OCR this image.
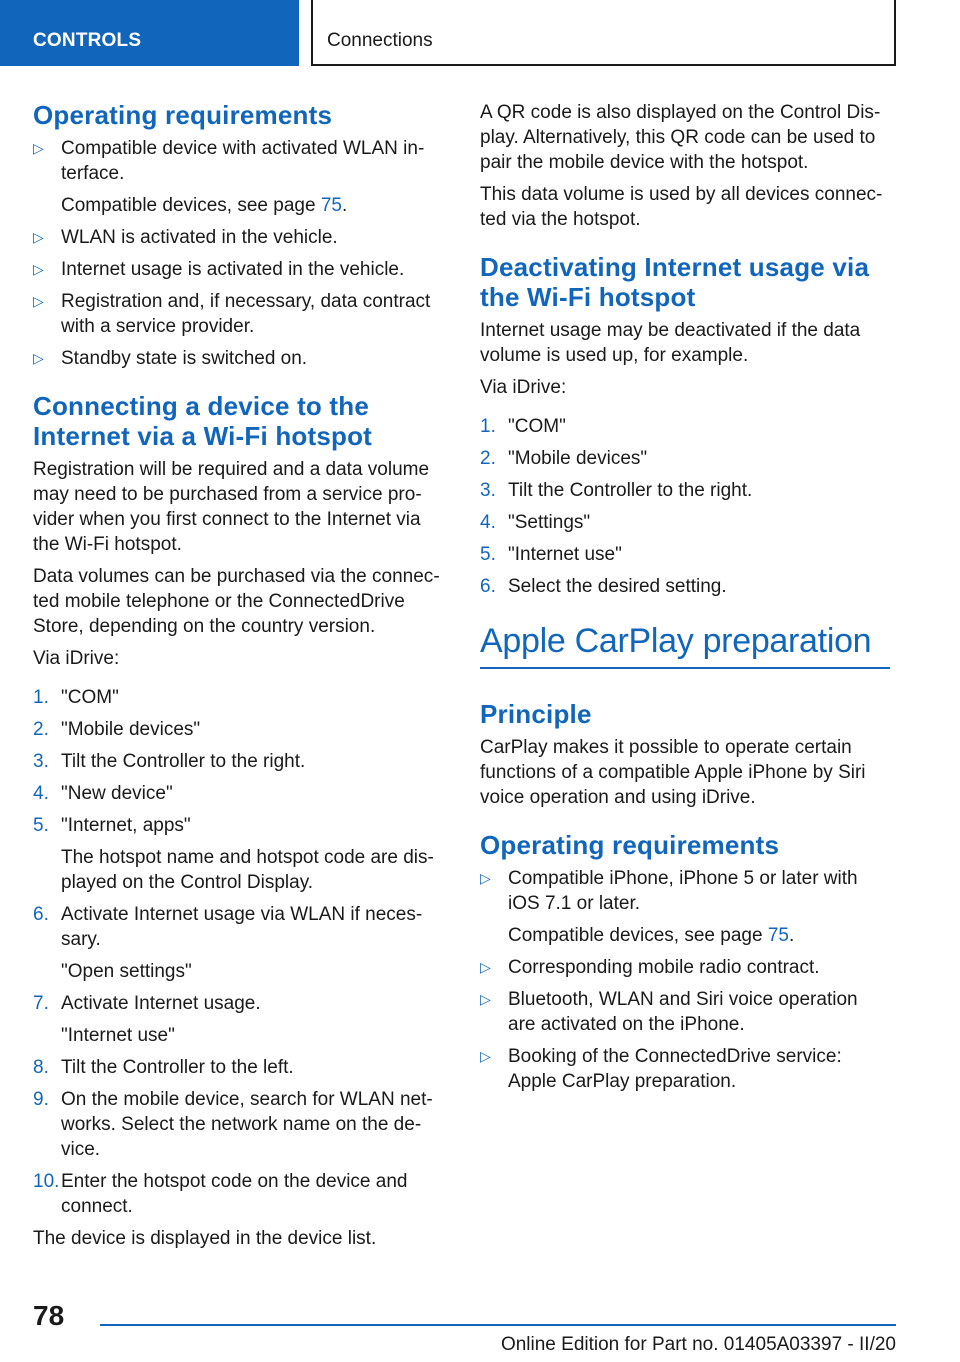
CONTROLS	Connections
Operating requirements
▷ Compatible device with activated WLAN interface.
Compatible devices, see page 75.
▷ WLAN is activated in the vehicle.
▷ Internet usage is activated in the vehicle.
▷ Registration and, if necessary, data contract with a service provider.
▷ Standby state is switched on.
Connecting a device to the Internet via a Wi-Fi hotspot

Registration will be required and a data volume may need to be purchased from a service provider when you first connect to the Internet via the Wi-Fi hotspot.

Data volumes can be purchased via the connected mobile telephone or the ConnectedDrive Store, depending on the country version.

Via iDrive:

1. "COM"
2. "Mobile devices"
3. Tilt the Controller to the right.
4. "New device"
5. "Internet, apps"
The hotspot name and hotspot code are displayed on the Control Display.
6. Activate Internet usage via WLAN if necessary.
"Open settings"
7. Activate Internet usage.
"Internet use"
8. Tilt the Controller to the left.
9. On the mobile device, search for WLAN networks. Select the network name on the device.
10. Enter the hotspot code on the device and connect.

The device is displayed in the device list.

A QR code is also displayed on the Control Display. Alternatively, this QR code can be used to pair the mobile device with the hotspot.

This data volume is used by all devices connected via the hotspot.

Deactivating Internet usage via the Wi-Fi hotspot

Internet usage may be deactivated if the data volume is used up, for example.

Via iDrive:

1. "COM"
2. "Mobile devices"
3. Tilt the Controller to the right.
4. "Settings"
5. "Internet use"
6. Select the desired setting.
Apple CarPlay preparation
Principle

CarPlay makes it possible to operate certain functions of a compatible Apple iPhone by Siri voice operation and using iDrive.

Operating requirements
▷ Compatible iPhone, iPhone 5 or later with iOS 7.1 or later.
Compatible devices, see page 75.
▷ Corresponding mobile radio contract.
▷ Bluetooth, WLAN and Siri voice operation are activated on the iPhone.
▷ Booking of the ConnectedDrive service: Apple CarPlay preparation.
78
Online Edition for Part no. 01405A03397 - II/20
